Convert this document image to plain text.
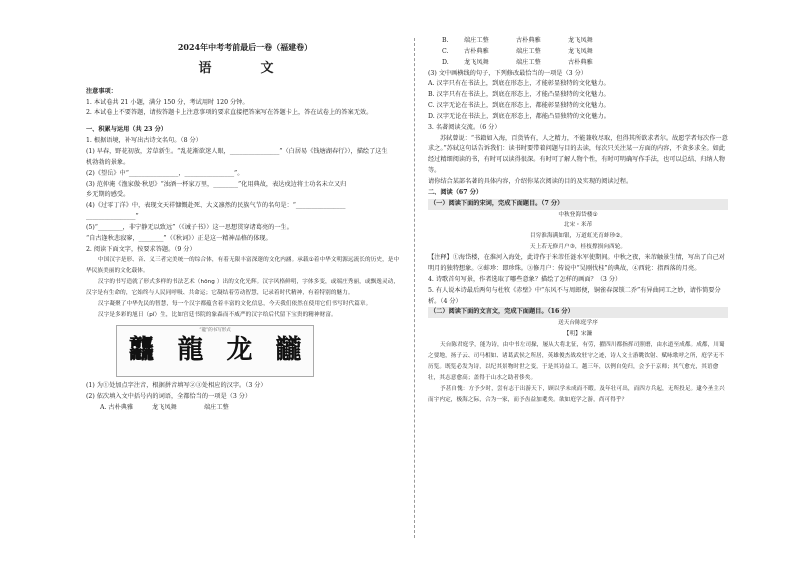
2024年中考考前最后一卷（福建卷）

语　文

注意事项：

1. 本试卷共 21 小题，满分 150 分，考试用时 120 分钟。

2. 本试卷上不要答题，请按答题卡上注意事项的要求直接把答案写在答题卡上，答在试卷上的答案无效。

一、积累与运用（共 23 分）

1. 根据语境，补写出古诗文名句。（8 分）

(1) 早春，野花初放，芳草新生。“乱花渐欲迷人眼，________________”（白居易《钱塘湖春行》），描绘了这生

机勃勃的景象。

(2)《望岳》中“________________，________________”。

(3) 范仲淹《渔家傲·秋思》“浊酒一杯家万里，________”化用典故，表达戍边将士功名未立又归

乡无期的感受。

(4)《过零丁洋》中，表现文天祥慷慨赴死、大义凛然的民族气节的名句是：“________________

________________”

(5)“________，非宁静无以致远”（《诫子书》）这一思想贯穿诸葛亮的一生。

“自古逢秋悲寂寥，________”（《秋词》）正是这一精神品格的体现。

2. 阅读下面文字，按要求答题。（9 分）

中国汉字是形、音、义三者完美统一的综合体，有着无限丰富深邃的文化内涵。承载①着中华文明源远流长的历史，是中华民族美丽的文化载体。

汉字的书写造就了形式多样的书法艺术（hōng ）出的文化光辉。汉字风格鲜明，字体多变，或端庄秀丽，或飘逸灵动，汉字是有生命的，它始终与人民同呼吸、共命运；它凝结着劳动智慧，记录着时代精神，有着特别的魅力。

汉字凝聚了中华先民的智慧，每一个汉字都蕴含着丰富的文化信息，今天我们依然在使用它们书写时代篇章。

汉字是多彩的旭日（pǐ）生，比如宫廷书院的象森而不威严的汉字给后代留下宝贵的精神财富。

“龍”的书写形式
龘 龍 龙 龖

(1) 为①处加点字注音，根据拼音填写②③处相应的汉字。（3 分）

(2) 依次填入文中括号内的词语，全都恰当的一项是（3 分）

A. 古朴典雅	龙飞凤舞	端庄工整
B. 端庄工整	古朴典雅	龙飞凤舞
C.	古朴典雅	端庄工整	龙飞凤舞
D. 龙飞凤舞	端庄工整	古朴典雅

(3) 文中画横线的句子，下列修改最恰当的一项是（3 分）

A. 汉字只有在书法上，到底在形态上，才能彰显独特的文化魅力。

B. 汉字只有在书法上，到底在形态上，才能凸显独特的文化魅力。

C. 汉字无论在书法上，到底在形态上，都能彰显独特的文化魅力。

D. 汉字无论在书法上，到底在形态上，都能凸显独特的文化魅力。

3. 名著阅读交流。（6 分）

苏轼曾说：“书籍如入海，百货皆有，人之精力，不能兼收尽取，但得其所欲求者尔。故愿学者每次作一意求之。”苏轼这句话告诉我们：读书时要带着问题与目的去读，每次只关注某一方面的内容，不贪多求全。如此经过精细阅读的书，有时可以读得很深。有时可了解人物个性，有时可明确写作手法，也可以总结、归纳人物等。

请你结合某部名著的具体内容，介绍你某次阅读的目的及实现的阅读过程。

二、阅读（67 分）

（一）阅读下面的宋词，完成下面题目。（7 分）

中秋登海岱楼①

北宋・米芾

目穷淮海满如银，万道虹光育蚌珍②。

天上若无修月户③，桂枝撑损向西轮。

【注释】①海岱楼，在淮河入海处，此诗作于米芾任涟水军使期间。中秋之夜，米芾触景生情，写出了自己对明月的独特想象。②蚌珍：即珍珠。③修月户：传说中“吴刚伐桂”的典故，④西轮：指西落的月亮。

4. 诗歌首句写景，作者选取了哪些意象？描绘了怎样的画面？（3 分）

5. 有人说本诗最后两句与杜牧《赤壁》中“东风不与周郎便，铜雀春深锁二乔”有异曲同工之妙，请作简要分析。（4 分）

（二）阅读下面的文言文，完成下面题目。（16 分）

送天台陈庭学序

【明】宋濂

天台陈君庭学，能为诗，由中书左司掾，屡从大将北征，有劳，擢四川都指挥司照磨，由水道至成都。成都，川蜀之要地，扬子云、司马相如、诸葛武侯之所居，英雄俊杰战攻驻守之迹，诗人文士游眺饮射、赋咏歌呼之所，庭学无不历览。既览必发为诗，以纪其景物时世之变，于是其诗益工。越三年，以例自免归，会予于京师；其气愈充，其语愈壮，其志意愈高；盖得于山水之助者侈矣。

予甚自愧：方予少时，尝有志于出游天下，顾以学未成而不暇。及年壮可出，而四方兵起，无所投足。逮今圣主兴而宇内定，极海之际，合为一家，而予齿益加耄矣。欲如庭学之游，尚可得乎？
